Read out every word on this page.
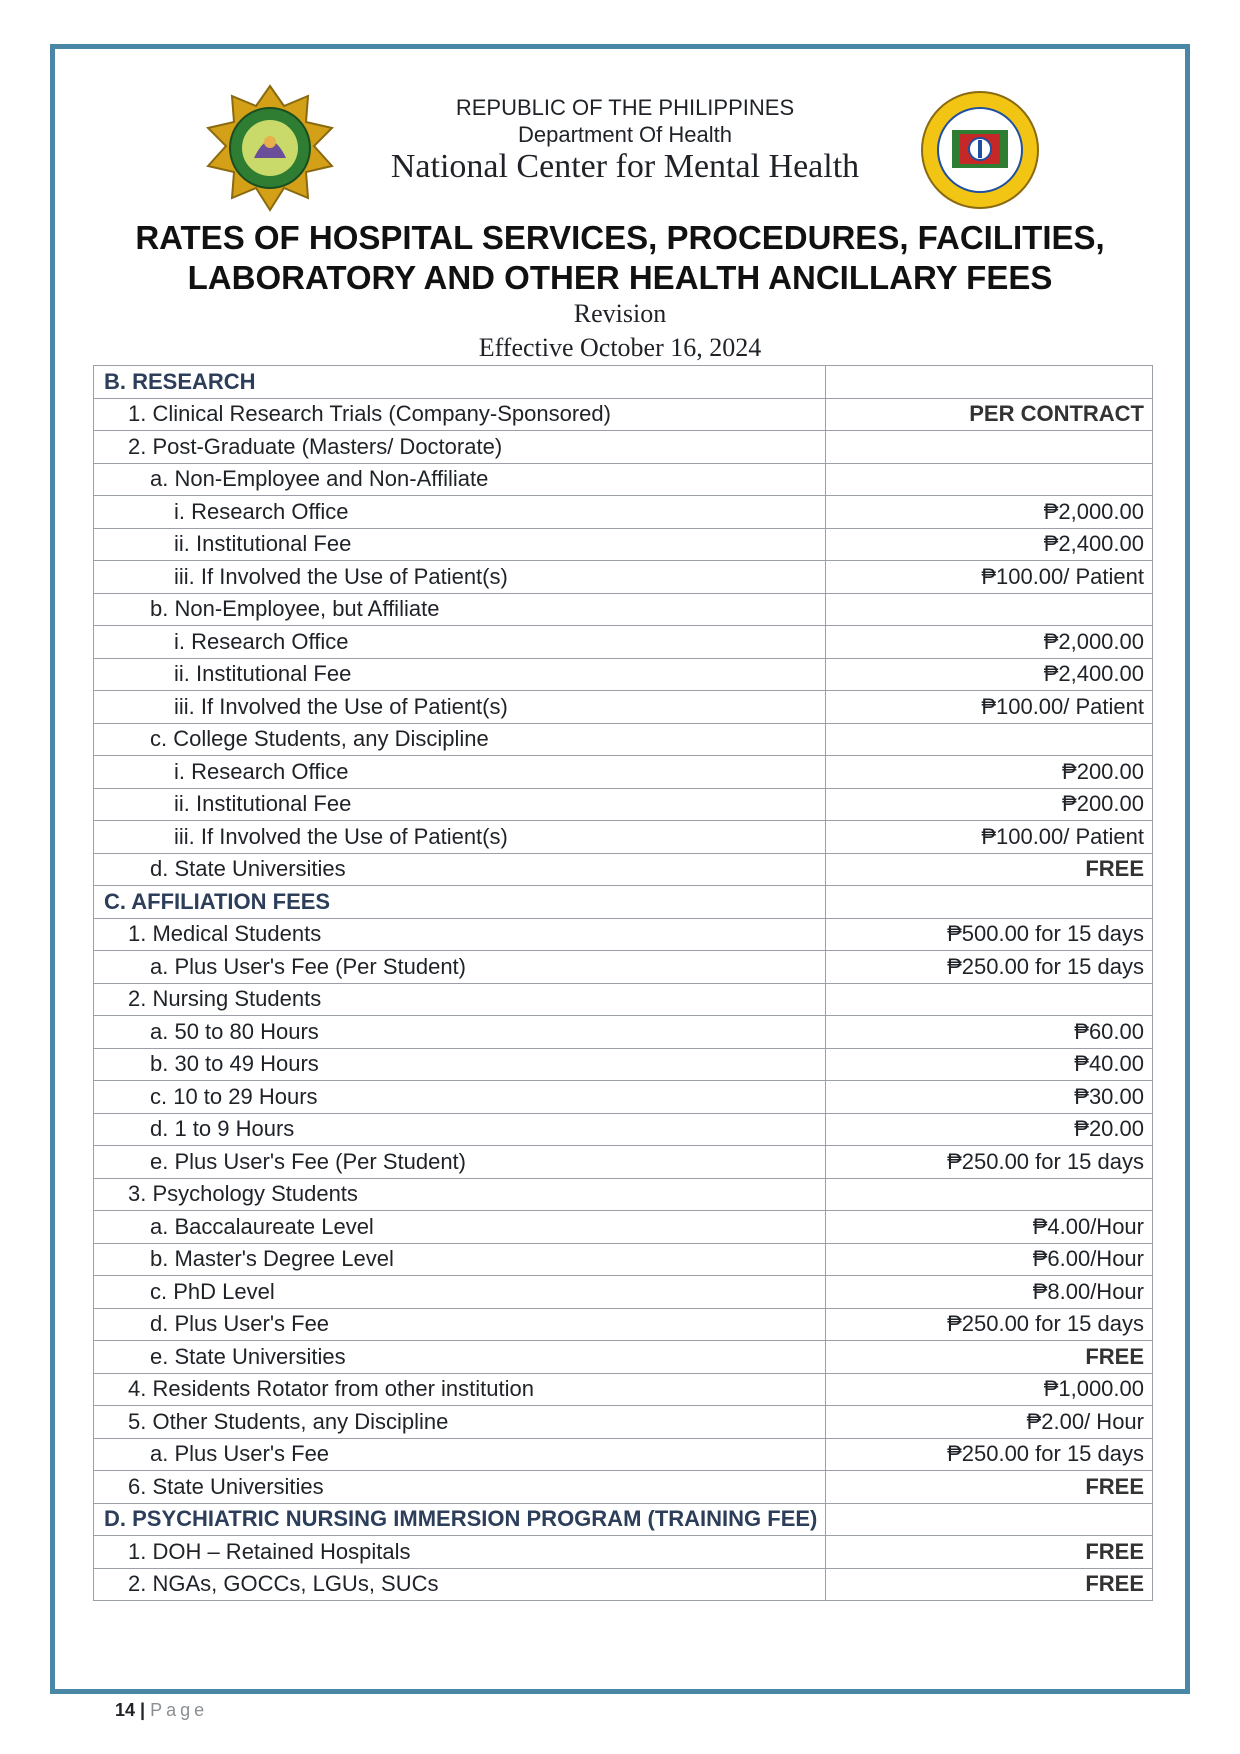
REPUBLIC OF THE PHILIPPINES
Department Of Health
National Center for Mental Health
RATES OF HOSPITAL SERVICES, PROCEDURES, FACILITIES,
LABORATORY AND OTHER HEALTH ANCILLARY FEES
Revision
Effective October 16, 2024
B. RESEARCH	
1. Clinical Research Trials (Company-Sponsored)	PER CONTRACT
2. Post-Graduate (Masters/ Doctorate)	
a. Non-Employee and Non-Affiliate	
i. Research Office	₱2,000.00
ii. Institutional Fee	₱2,400.00
iii. If Involved the Use of Patient(s)	₱100.00/ Patient
b. Non-Employee, but Affiliate	
i. Research Office	₱2,000.00
ii. Institutional Fee	₱2,400.00
iii. If Involved the Use of Patient(s)	₱100.00/ Patient
c. College Students, any Discipline	
i. Research Office	₱200.00
ii. Institutional Fee	₱200.00
iii. If Involved the Use of Patient(s)	₱100.00/ Patient
d. State Universities	FREE
C. AFFILIATION FEES	
1. Medical Students	₱500.00 for 15 days
a. Plus User's Fee (Per Student)	₱250.00 for 15 days
2. Nursing Students	
a. 50 to 80 Hours	₱60.00
b. 30 to 49 Hours	₱40.00
c. 10 to 29 Hours	₱30.00
d. 1 to 9 Hours	₱20.00
e. Plus User's Fee (Per Student)	₱250.00 for 15 days
3. Psychology Students	
a. Baccalaureate Level	₱4.00/Hour
b. Master's Degree Level	₱6.00/Hour
c. PhD Level	₱8.00/Hour
d. Plus User's Fee	₱250.00 for 15 days
e. State Universities	FREE
4. Residents Rotator from other institution	₱1,000.00
5. Other Students, any Discipline	₱2.00/ Hour
a. Plus User's Fee	₱250.00 for 15 days
6. State Universities	FREE
D. PSYCHIATRIC NURSING IMMERSION PROGRAM (TRAINING FEE)	
1. DOH – Retained Hospitals	FREE
2. NGAs, GOCCs, LGUs, SUCs	FREE
14 | Page
